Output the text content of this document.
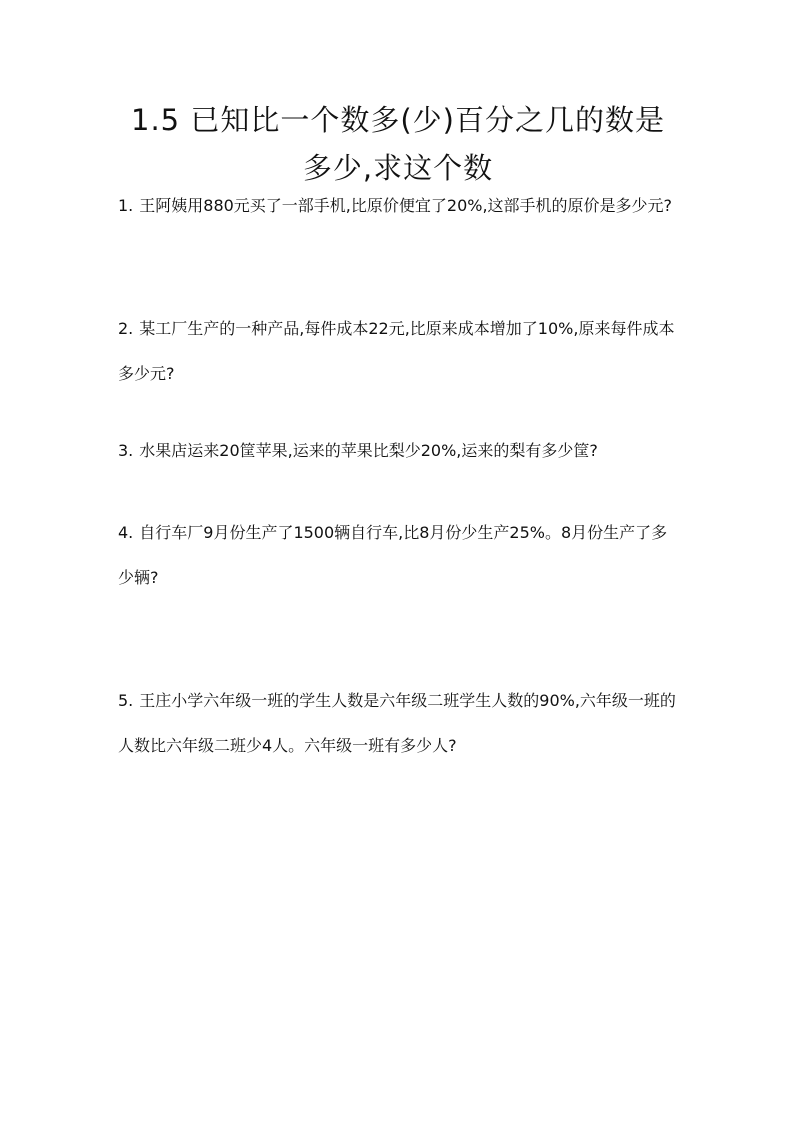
1.5 已知比一个数多(少)百分之几的数是多少,求这个数
1. 王阿姨用880元买了一部手机,比原价便宜了20%,这部手机的原价是多少元?
2. 某工厂生产的一种产品,每件成本22元,比原来成本增加了10%,原来每件成本多少元?
3. 水果店运来20筐苹果,运来的苹果比梨少20%,运来的梨有多少筐?
4. 自行车厂9月份生产了1500辆自行车,比8月份少生产25%。8月份生产了多少辆?
5. 王庄小学六年级一班的学生人数是六年级二班学生人数的90%,六年级一班的人数比六年级二班少4人。六年级一班有多少人?
